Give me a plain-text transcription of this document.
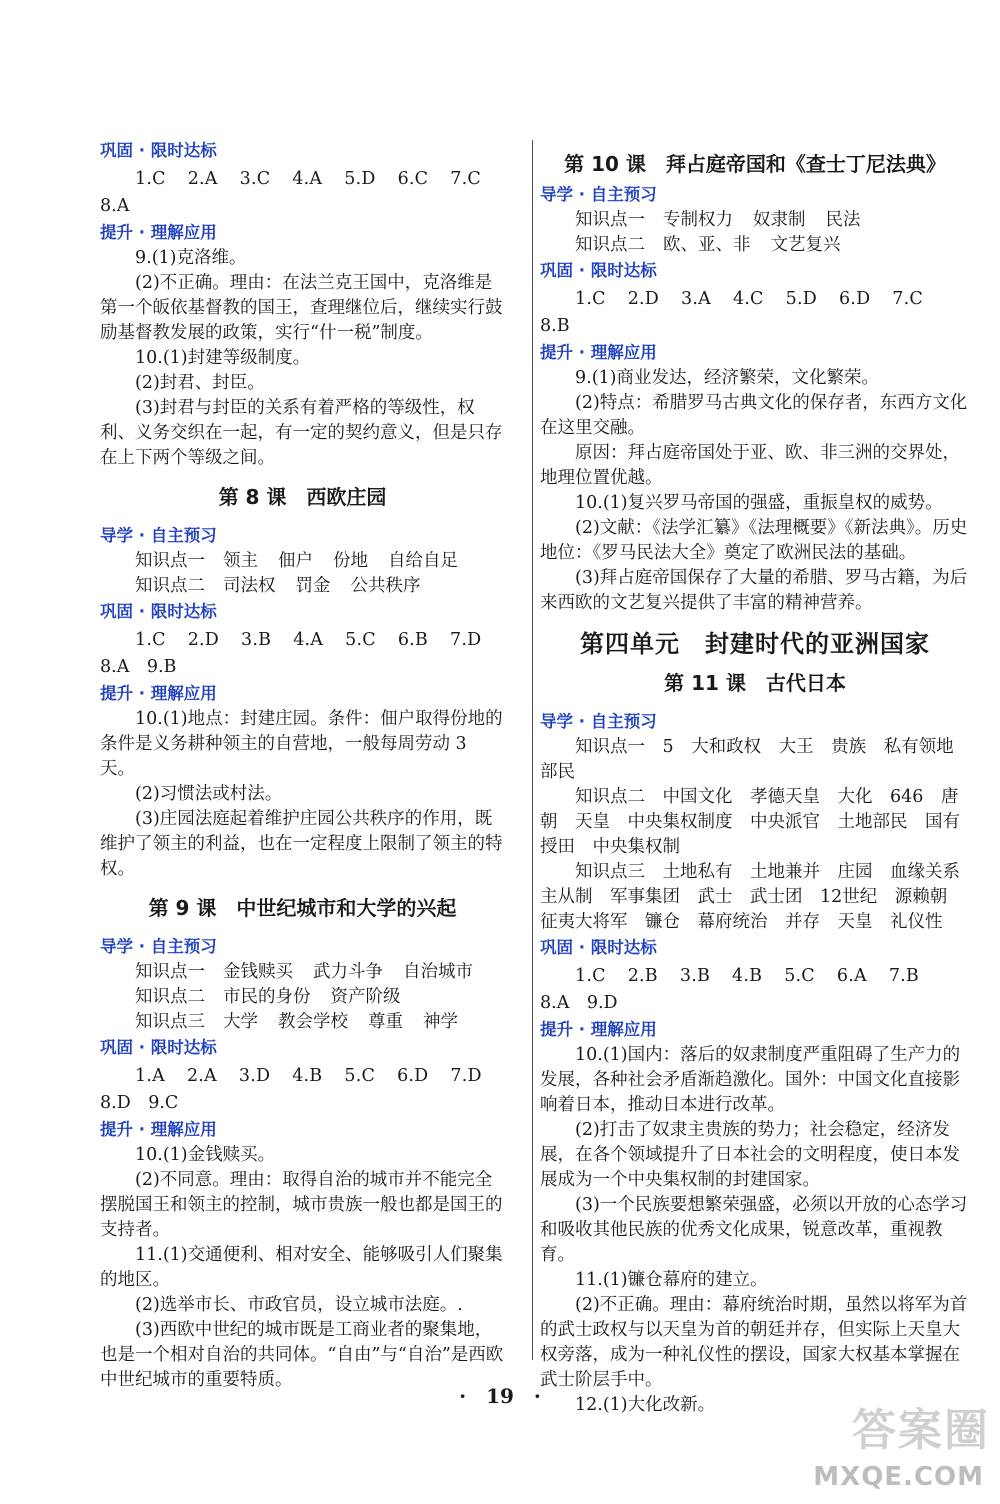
巩固 · 限时达标
1.C 2.A 3.C 4.A 5.D 6.C 7.C
8.A
提升 · 理解应用

9.(1)克洛维。

(2)不正确。理由：在法兰克王国中，克洛维是第一个皈依基督教的国王，查理继位后，继续实行鼓励基督教发展的政策，实行“什一税”制度。

10.(1)封建等级制度。

(2)封君、封臣。

(3)封君与封臣的关系有着严格的等级性，权利、义务交织在一起，有一定的契约意义，但是只存在上下两个等级之间。

第 8 课　西欧庄园
导学 · 自主预习
知识点一 领主 佃户 份地 自给自足
知识点二 司法权 罚金 公共秩序
巩固 · 限时达标
1.C 2.D 3.B 4.A 5.C 6.B 7.D
8.A　9.B
提升 · 理解应用

10.(1)地点：封建庄园。条件：佃户取得份地的条件是义务耕种领主的自营地，一般每周劳动 3 天。

(2)习惯法或村法。

(3)庄园法庭起着维护庄园公共秩序的作用，既维护了领主的利益，也在一定程度上限制了领主的特权。

第 9 课　中世纪城市和大学的兴起
导学 · 自主预习
知识点一 金钱赎买 武力斗争 自治城市
知识点二 市民的身份 资产阶级
知识点三 大学 教会学校 尊重 神学
巩固 · 限时达标
1.A 2.A 3.D 4.B 5.C 6.D 7.D
8.D　9.C
提升 · 理解应用

10.(1)金钱赎买。

(2)不同意。理由：取得自治的城市并不能完全摆脱国王和领主的控制，城市贵族一般也都是国王的支持者。

11.(1)交通便利、相对安全、能够吸引人们聚集的地区。

(2)选举市长、市政官员，设立城市法庭。.

(3)西欧中世纪的城市既是工商业者的聚集地，也是一个相对自治的共同体。“自由”与“自治”是西欧中世纪城市的重要特质。

第 10 课　拜占庭帝国和《查士丁尼法典》
导学 · 自主预习
知识点一 专制权力 奴隶制 民法
知识点二 欧、亚、非 文艺复兴
巩固 · 限时达标
1.C 2.D 3.A 4.C 5.D 6.D 7.C
8.B
提升 · 理解应用

9.(1)商业发达，经济繁荣，文化繁荣。

(2)特点：希腊罗马古典文化的保存者，东西方文化在这里交融。

原因：拜占庭帝国处于亚、欧、非三洲的交界处，地理位置优越。

10.(1)复兴罗马帝国的强盛，重振皇权的威势。

(2)文献：《法学汇纂》《法理概要》《新法典》。历史地位：《罗马民法大全》奠定了欧洲民法的基础。

(3)拜占庭帝国保存了大量的希腊、罗马古籍，为后来西欧的文艺复兴提供了丰富的精神营养。

第四单元　封建时代的亚洲国家
第 11 课　古代日本
导学 · 自主预习

知识点一　5　大和政权　大王　贵族　私有领地　部民

知识点二　中国文化　孝德天皇　大化　646　唐朝　天皇　中央集权制度　中央派官　土地部民　国有　授田　中央集权制

知识点三　土地私有　土地兼并　庄园　血缘关系　主从制　军事集团　武士　武士团　12世纪　源赖朝　征夷大将军　镰仓　幕府统治　并存　天皇　礼仪性

巩固 · 限时达标
1.C 2.B 3.B 4.B 5.C 6.A 7.B
8.A　9.D
提升 · 理解应用

10.(1)国内：落后的奴隶制度严重阻碍了生产力的发展，各种社会矛盾渐趋激化。国外：中国文化直接影响着日本，推动日本进行改革。

(2)打击了奴隶主贵族的势力；社会稳定，经济发展，在各个领域提升了日本社会的文明程度，使日本发展成为一个中央集权制的封建国家。

(3)一个民族要想繁荣强盛，必须以开放的心态学习和吸收其他民族的优秀文化成果，锐意改革，重视教育。

11.(1)镰仓幕府的建立。

(2)不正确。理由：幕府统治时期，虽然以将军为首的武士政权与以天皇为首的朝廷并存，但实际上天皇大权旁落，成为一种礼仪性的摆设，国家大权基本掌握在武士阶层手中。

12.(1)大化改新。

·　19　·
答案圈
MXQE.COM
